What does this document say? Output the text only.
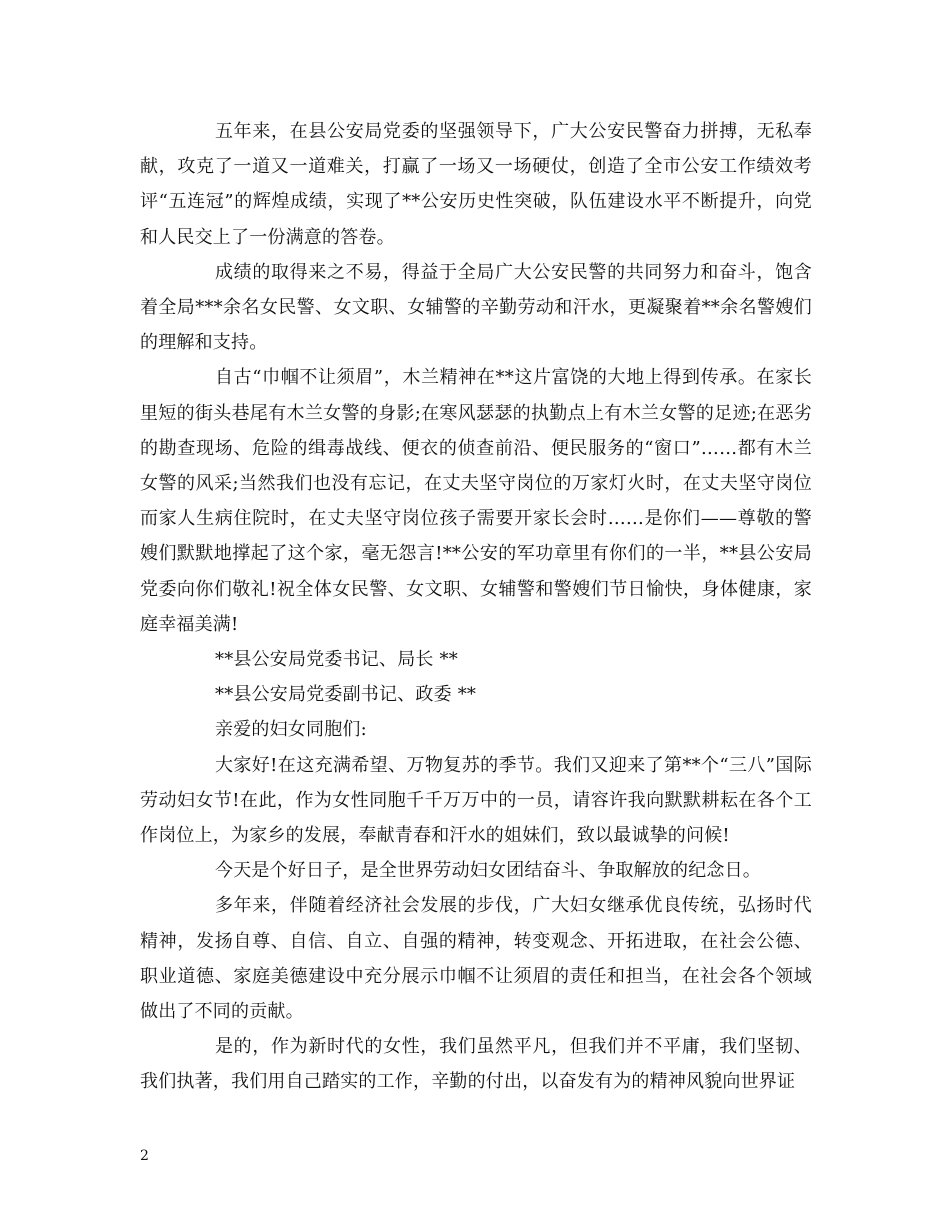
五年来，在县公安局党委的坚强领导下，广大公安民警奋力拼搏，无私奉献，攻克了一道又一道难关，打赢了一场又一场硬仗，创造了全市公安工作绩效考评“五连冠”的辉煌成绩，实现了**公安历史性突破，队伍建设水平不断提升，向党和人民交上了一份满意的答卷。

成绩的取得来之不易，得益于全局广大公安民警的共同努力和奋斗，饱含着全局***余名女民警、女文职、女辅警的辛勤劳动和汗水，更凝聚着**余名警嫂们的理解和支持。

自古“巾帼不让须眉”，木兰精神在**这片富饶的大地上得到传承。在家长里短的街头巷尾有木兰女警的身影;在寒风瑟瑟的执勤点上有木兰女警的足迹;在恶劣的勘查现场、危险的缉毒战线、便衣的侦查前沿、便民服务的“窗口”……都有木兰女警的风采;当然我们也没有忘记，在丈夫坚守岗位的万家灯火时，在丈夫坚守岗位而家人生病住院时，在丈夫坚守岗位孩子需要开家长会时……是你们——尊敬的警嫂们默默地撑起了这个家，毫无怨言!**公安的军功章里有你们的一半，**县公安局党委向你们敬礼!祝全体女民警、女文职、女辅警和警嫂们节日愉快，身体健康，家庭幸福美满!

**县公安局党委书记、局长 **

**县公安局党委副书记、政委 **

亲爱的妇女同胞们:

大家好!在这充满希望、万物复苏的季节。我们又迎来了第**个“三八”国际劳动妇女节!在此，作为女性同胞千千万万中的一员，请容许我向默默耕耘在各个工作岗位上，为家乡的发展，奉献青春和汗水的姐妹们，致以最诚挚的问候!

今天是个好日子，是全世界劳动妇女团结奋斗、争取解放的纪念日。

多年来，伴随着经济社会发展的步伐，广大妇女继承优良传统，弘扬时代精神，发扬自尊、自信、自立、自强的精神，转变观念、开拓进取，在社会公德、职业道德、家庭美德建设中充分展示巾帼不让须眉的责任和担当，在社会各个领域做出了不同的贡献。

是的，作为新时代的女性，我们虽然平凡，但我们并不平庸，我们坚韧、我们执著，我们用自己踏实的工作，辛勤的付出，以奋发有为的精神风貌向世界证

2
